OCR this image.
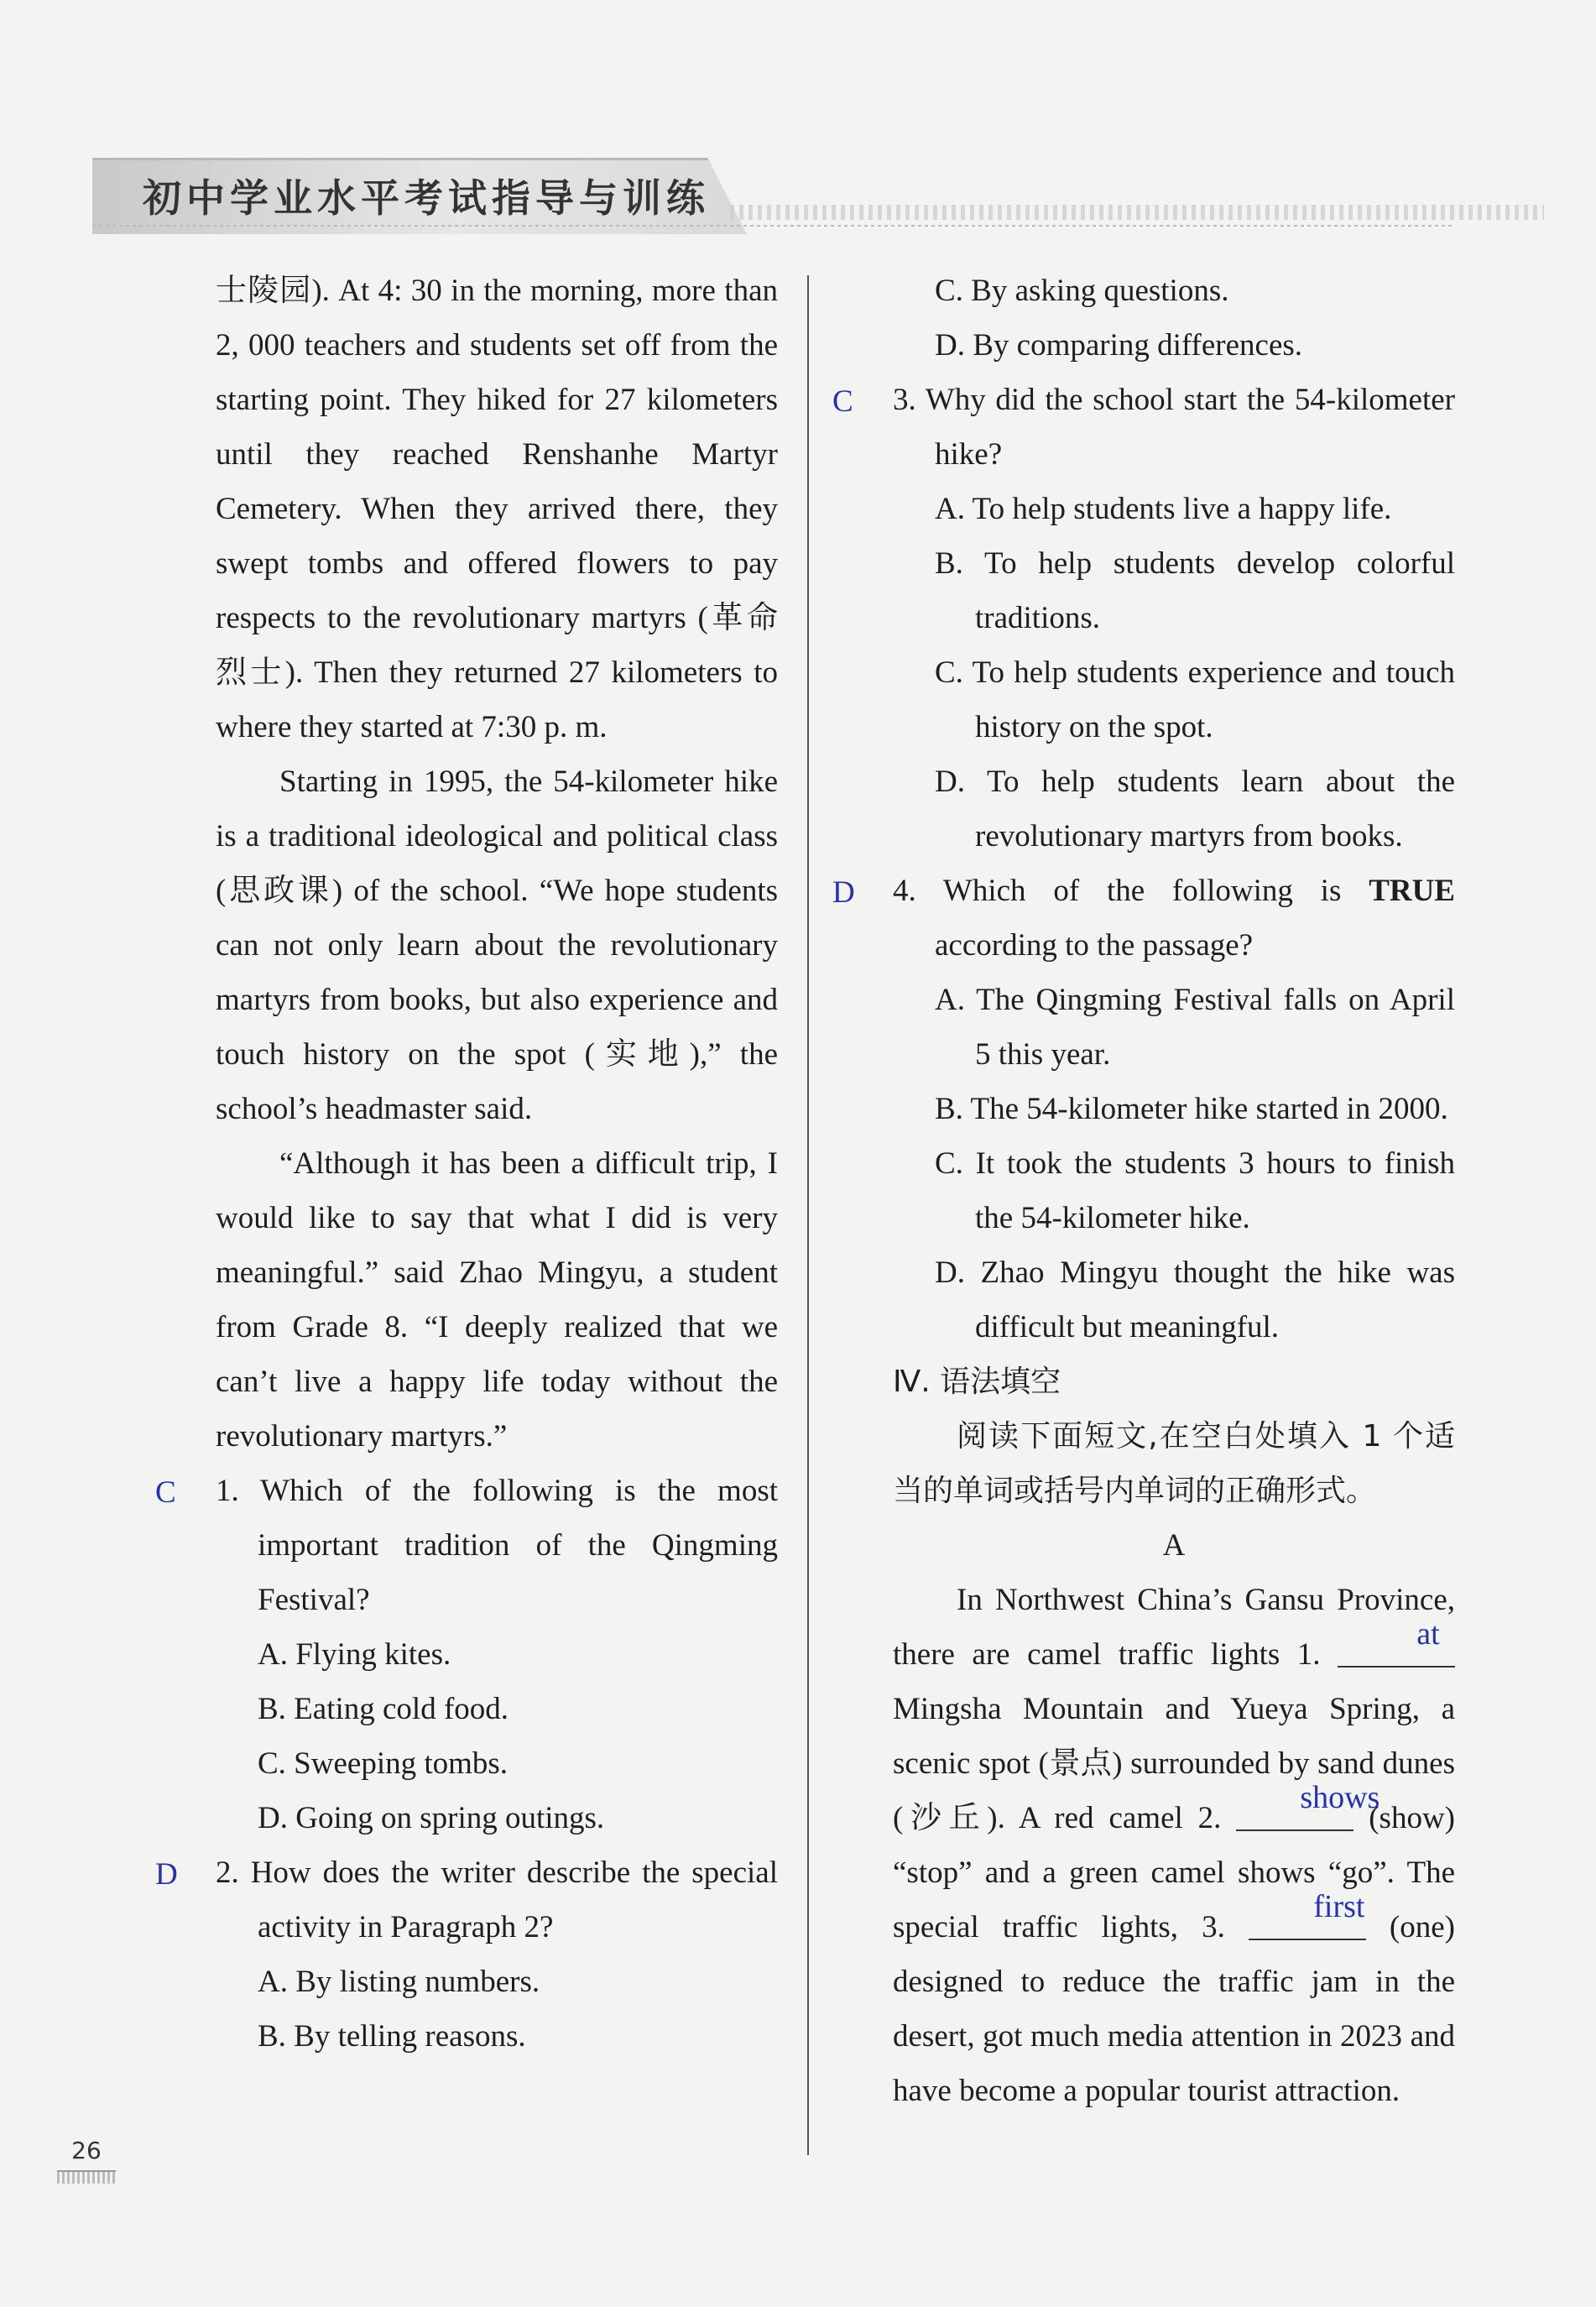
初中学业水平考试指导与训练

士陵园). At 4: 30 in the morning, more than 2, 000 teachers and students set off from the starting point. They hiked for 27 kilometers until they reached Renshanhe Martyr Cemetery. When they arrived there, they swept tombs and offered flowers to pay respects to the revolutionary martyrs (革命烈士). Then they returned 27 kilometers to where they started at 7:30 p. m.

Starting in 1995, the 54-kilometer hike is a traditional ideological and political class (思政课) of the school. “We hope students can not only learn about the revolutionary martyrs from books, but also experience and touch history on the spot (实地),” the school’s headmaster said.

“Although it has been a difficult trip, I would like to say that what I did is very meaningful.” said Zhao Mingyu, a student from Grade 8. “I deeply realized that we can’t live a happy life today without the revolutionary martyrs.”

C 1. Which of the following is the most important tradition of the Qingming Festival?

A. Flying kites.

B. Eating cold food.

C. Sweeping tombs.

D. Going on spring outings.

D 2. How does the writer describe the special activity in Paragraph 2?

A. By listing numbers.

B. By telling reasons.

C. By asking questions.

D. By comparing differences.

C 3. Why did the school start the 54-kilometer hike?

A. To help students live a happy life.

B. To help students develop colorful traditions.

C. To help students experience and touch history on the spot.

D. To help students learn about the revolutionary martyrs from books.

D 4. Which of the following is TRUE according to the passage?

A. The Qingming Festival falls on April 5 this year.

B. The 54-kilometer hike started in 2000.

C. It took the students 3 hours to finish the 54-kilometer hike.

D. Zhao Mingyu thought the hike was difficult but meaningful.

Ⅳ. 语法填空

阅读下面短文,在空白处填入 1 个适当的单词或括号内单词的正确形式。

A

In Northwest China’s Gansu Province, there are camel traffic lights 1.
at
Mingsha Mountain and Yueya Spring, a scenic spot (景点) surrounded by sand dunes (沙丘). A red camel 2.
shows
(show) “stop” and a green camel shows “go”. The special traffic lights, 3.
first
(one) designed to reduce the traffic jam in the desert, got much media attention in 2023 and have become a popular tourist attraction.

26
